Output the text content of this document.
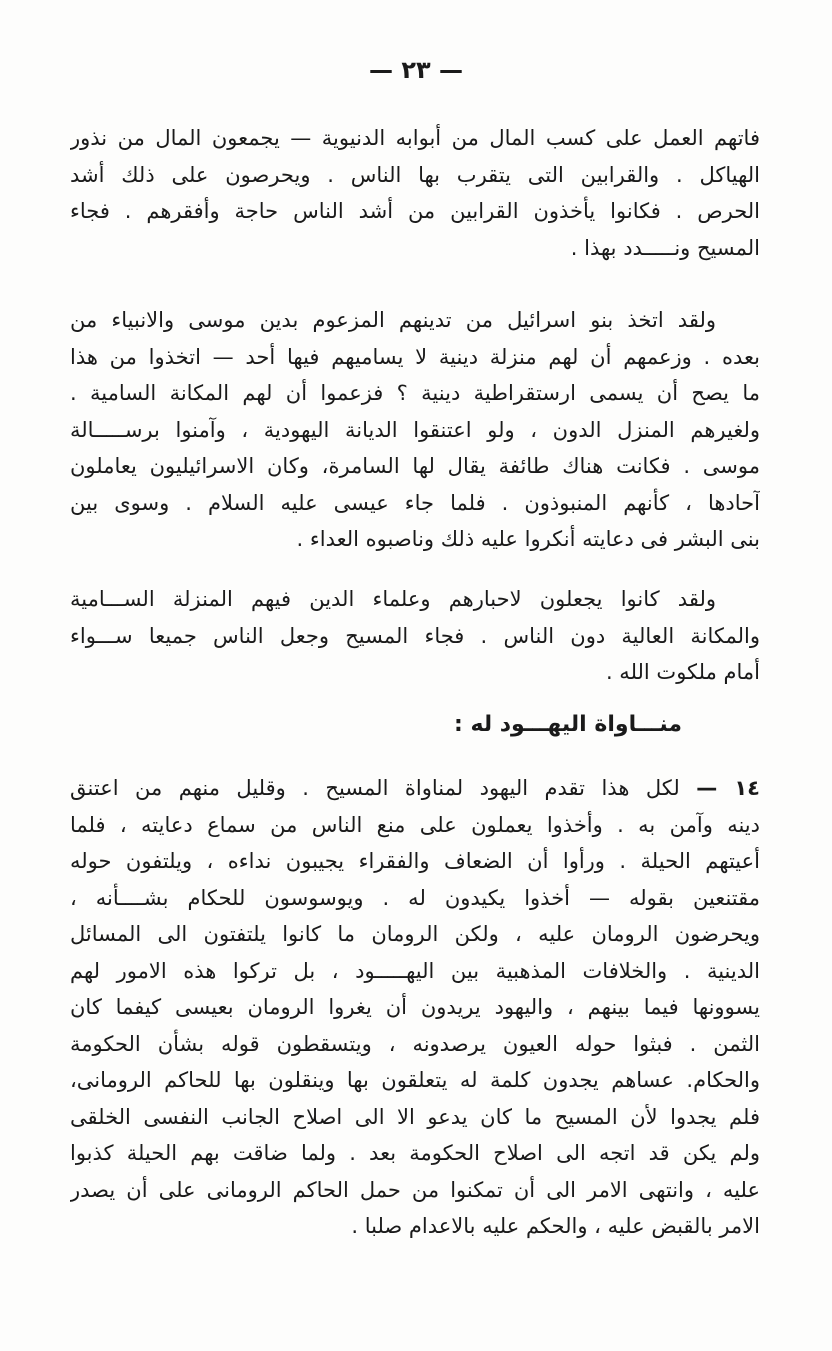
— ٢٣ —
فاتهم العمل على كسب المال من أبوابه الدنيوية — يجمعون المال من نذور
الهياكل . والقرابين التى يتقرب بها الناس . ويحرصون على ذلك أشد
الحرص . فكانوا يأخذون القرابين من أشد الناس حاجة وأفقرهم . فجاء
المسيح ونـــــدد بهذا .
ولقد اتخذ بنو اسرائيل من تدينهم المزعوم بدين موسى والانبياء من
بعده . وزعمهم أن لهم منزلة دينية لا يساميهم فيها أحد — اتخذوا من هذا
ما يصح أن يسمى ارستقراطية دينية ؟ فزعموا أن لهم المكانة السامية .
ولغيرهم المنزل الدون ، ولو اعتنقوا الديانة اليهودية ، وآمنوا برســـــالة
موسى . فكانت هناك طائفة يقال لها السامرة، وكان الاسرائيليون يعاملون
آحادها ، كأنهم المنبوذون . فلما جاء عيسى عليه السلام . وسوى بين
بنى البشر فى دعايته أنكروا عليه ذلك وناصبوه العداء .
ولقد كانوا يجعلون لاحبارهم وعلماء الدين فيهم المنزلة الســـامية
والمكانة العالية دون الناس . فجاء المسيح وجعل الناس جميعا ســـواء
أمام ملكوت الله .
منـــاواة اليهـــود له :
١٤ — لكل هذا تقدم اليهود لمناواة المسيح . وقليل منهم من اعتنق
دينه وآمن به . وأخذوا يعملون على منع الناس من سماع دعايته ، فلما
أعيتهم الحيلة . ورأوا أن الضعاف والفقراء يجيبون نداءه ، ويلتفون حوله
مقتنعين بقوله — أخذوا يكيدون له . ويوسوسون للحكام بشــــأنه ،
ويحرضون الرومان عليه ، ولكن الرومان ما كانوا يلتفتون الى المسائل
الدينية . والخلافات المذهبية بين اليهـــــود ، بل تركوا هذه الامور لهم
يسوونها فيما بينهم ، واليهود يريدون أن يغروا الرومان بعيسى كيفما كان
الثمن . فبثوا حوله العيون يرصدونه ، ويتسقطون قوله بشأن الحكومة
والحكام. عساهم يجدون كلمة له يتعلقون بها وينقلون بها للحاكم الرومانى،
فلم يجدوا لأن المسيح ما كان يدعو الا الى اصلاح الجانب النفسى الخلقى
ولم يكن قد اتجه الى اصلاح الحكومة بعد . ولما ضاقت بهم الحيلة كذبوا
عليه ، وانتهى الامر الى أن تمكنوا من حمل الحاكم الرومانى على أن يصدر
الامر بالقبض عليه ، والحكم عليه بالاعدام صلبا .
